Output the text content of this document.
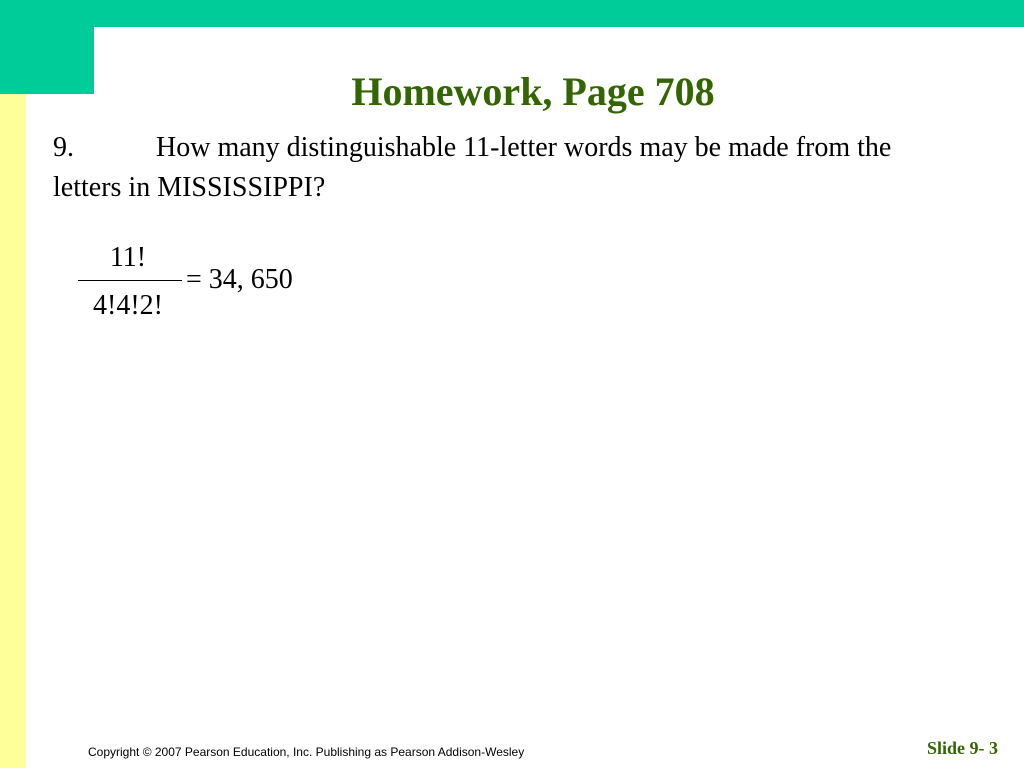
Homework, Page 708
9.	How many distinguishable 11-letter words may be made from the letters in MISSISSIPPI?
11!
4!4!2!
= 34, 650
Copyright © 2007 Pearson Education, Inc. Publishing as Pearson Addison-Wesley	Slide 9- 3
